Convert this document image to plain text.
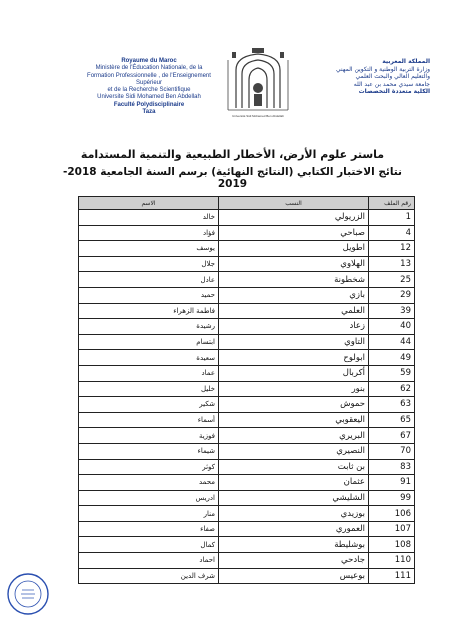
Royaume du Maroc
Ministère de l'Éducation Nationale, de la
Formation Professionnelle , de l'Enseignement
Supérieur
et de la Recherche Scientifique
Universite Sidi Mohamed Ben Abdellah
Faculté Polydisciplinaire
Taza
Université Sidi Mohamed Ben Abdellah
المملكة المغربية
وزارة التربية الوطنية و التكوين المهني
والتعليم العالي والبحث العلمي
جامعة سيدي محمد بن عبد الله
الكلية متعددة التخصصات
ماستر علوم الأرض، الأخطار الطبيعية والتنمية المستدامة
نتائج الاختبار الكتابي (النتائج النهائية) برسم السنة الجامعية 2018-2019
رقم الملف	النسب	الاسم
1	الزريولي	خالد
4	صباحي	فؤاد
12	اطويل	يوسف
13	الهلاوي	جلال
25	شخطونة	عادل
29	بازي	حميد
39	العلمي	فاطمة الزهراء
40	زعاد	رشيدة
44	التاوي	ابتسام
49	ابولوح	سعيدة
59	أكربال	عماد
62	بنور	خليل
63	حموش	شكير
65	اليعقوبي	أسماء
67	البريري	فوزية
70	النصيري	شيماء
83	بن ثابت	كوثر
91	عثمان	محمد
99	الشليشي	ادريس
106	بوزيدي	منار
107	العموري	صفاء
108	بوشليطة	كمال
110	جادحي	احماد
111	بوعيس	شرف الدين
